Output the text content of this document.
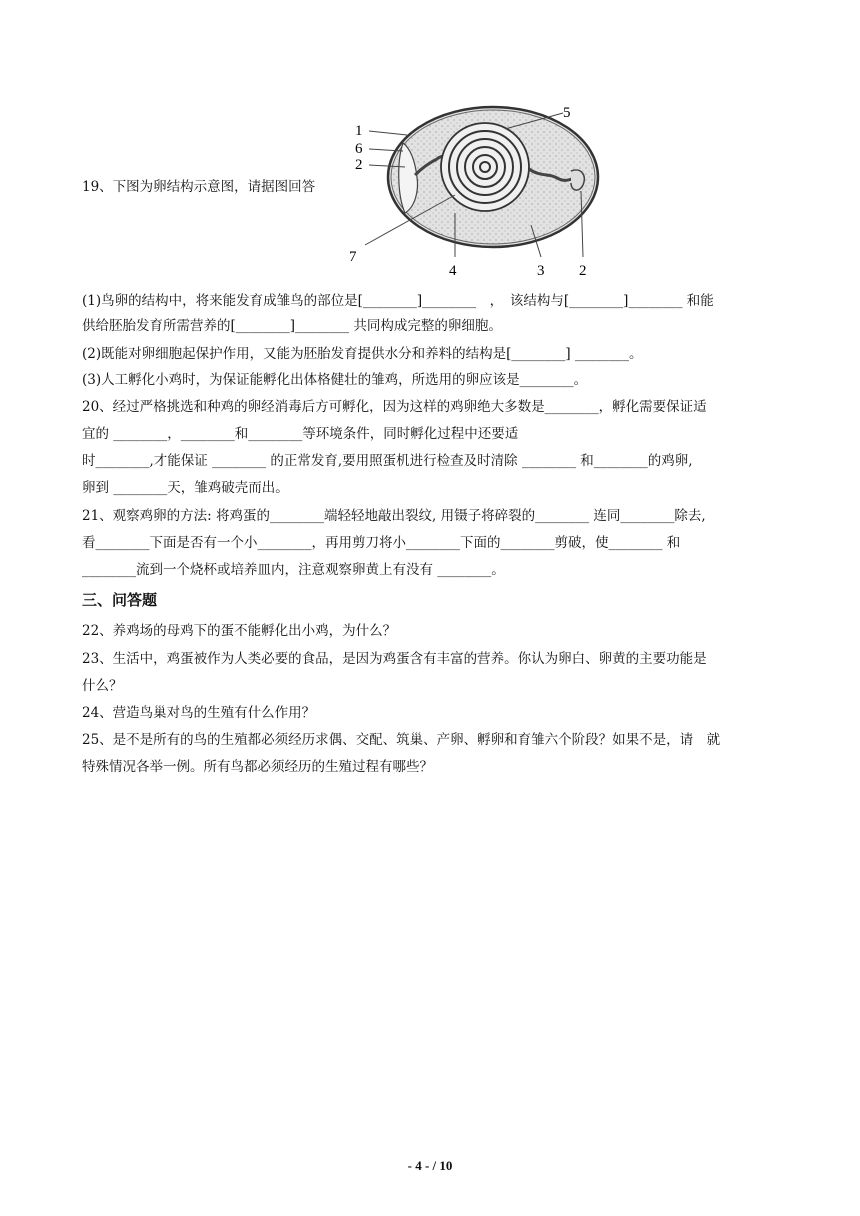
19、下图为卵结构示意图，请据图回答
1
6
2
5
7
4	3 2
(1)鸟卵的结构中，将来能发育成雏鸟的部位是[________]________　，　该结构与[________]________ 和能
供给胚胎发育所需营养的[________]________ 共同构成完整的卵细胞。
(2)既能对卵细胞起保护作用，又能为胚胎发育提供水分和养料的结构是[________] ________。
(3)人工孵化小鸡时，为保证能孵化出体格健壮的雏鸡，所选用的卵应该是________。
20、经过严格挑选和种鸡的卵经消毒后方可孵化，因为这样的鸡卵绝大多数是________，孵化需要保证适
宜的 ________，________和________等环境条件，同时孵化过程中还要适
时________,才能保证 ________ 的正常发育,要用照蛋机进行检查及时清除 ________ 和________的鸡卵,
卵到 ________天，雏鸡破壳而出。
21、观察鸡卵的方法: 将鸡蛋的________端轻轻地敲出裂纹, 用镊子将碎裂的________ 连同________除去,
看________下面是否有一个小________，再用剪刀将小________下面的________剪破，使________ 和
________流到一个烧杯或培养皿内，注意观察卵黄上有没有 ________。
三、问答题
22、养鸡场的母鸡下的蛋不能孵化出小鸡，为什么？
23、生活中，鸡蛋被作为人类必要的食品，是因为鸡蛋含有丰富的营养。你认为卵白、卵黄的主要功能是
什么？
24、营造鸟巢对鸟的生殖有什么作用？
25、是不是所有的鸟的生殖都必须经历求偶、交配、筑巢、产卵、孵卵和育雏六个阶段？如果不是，请　就
特殊情况各举一例。所有鸟都必须经历的生殖过程有哪些？
- 4 - / 10
